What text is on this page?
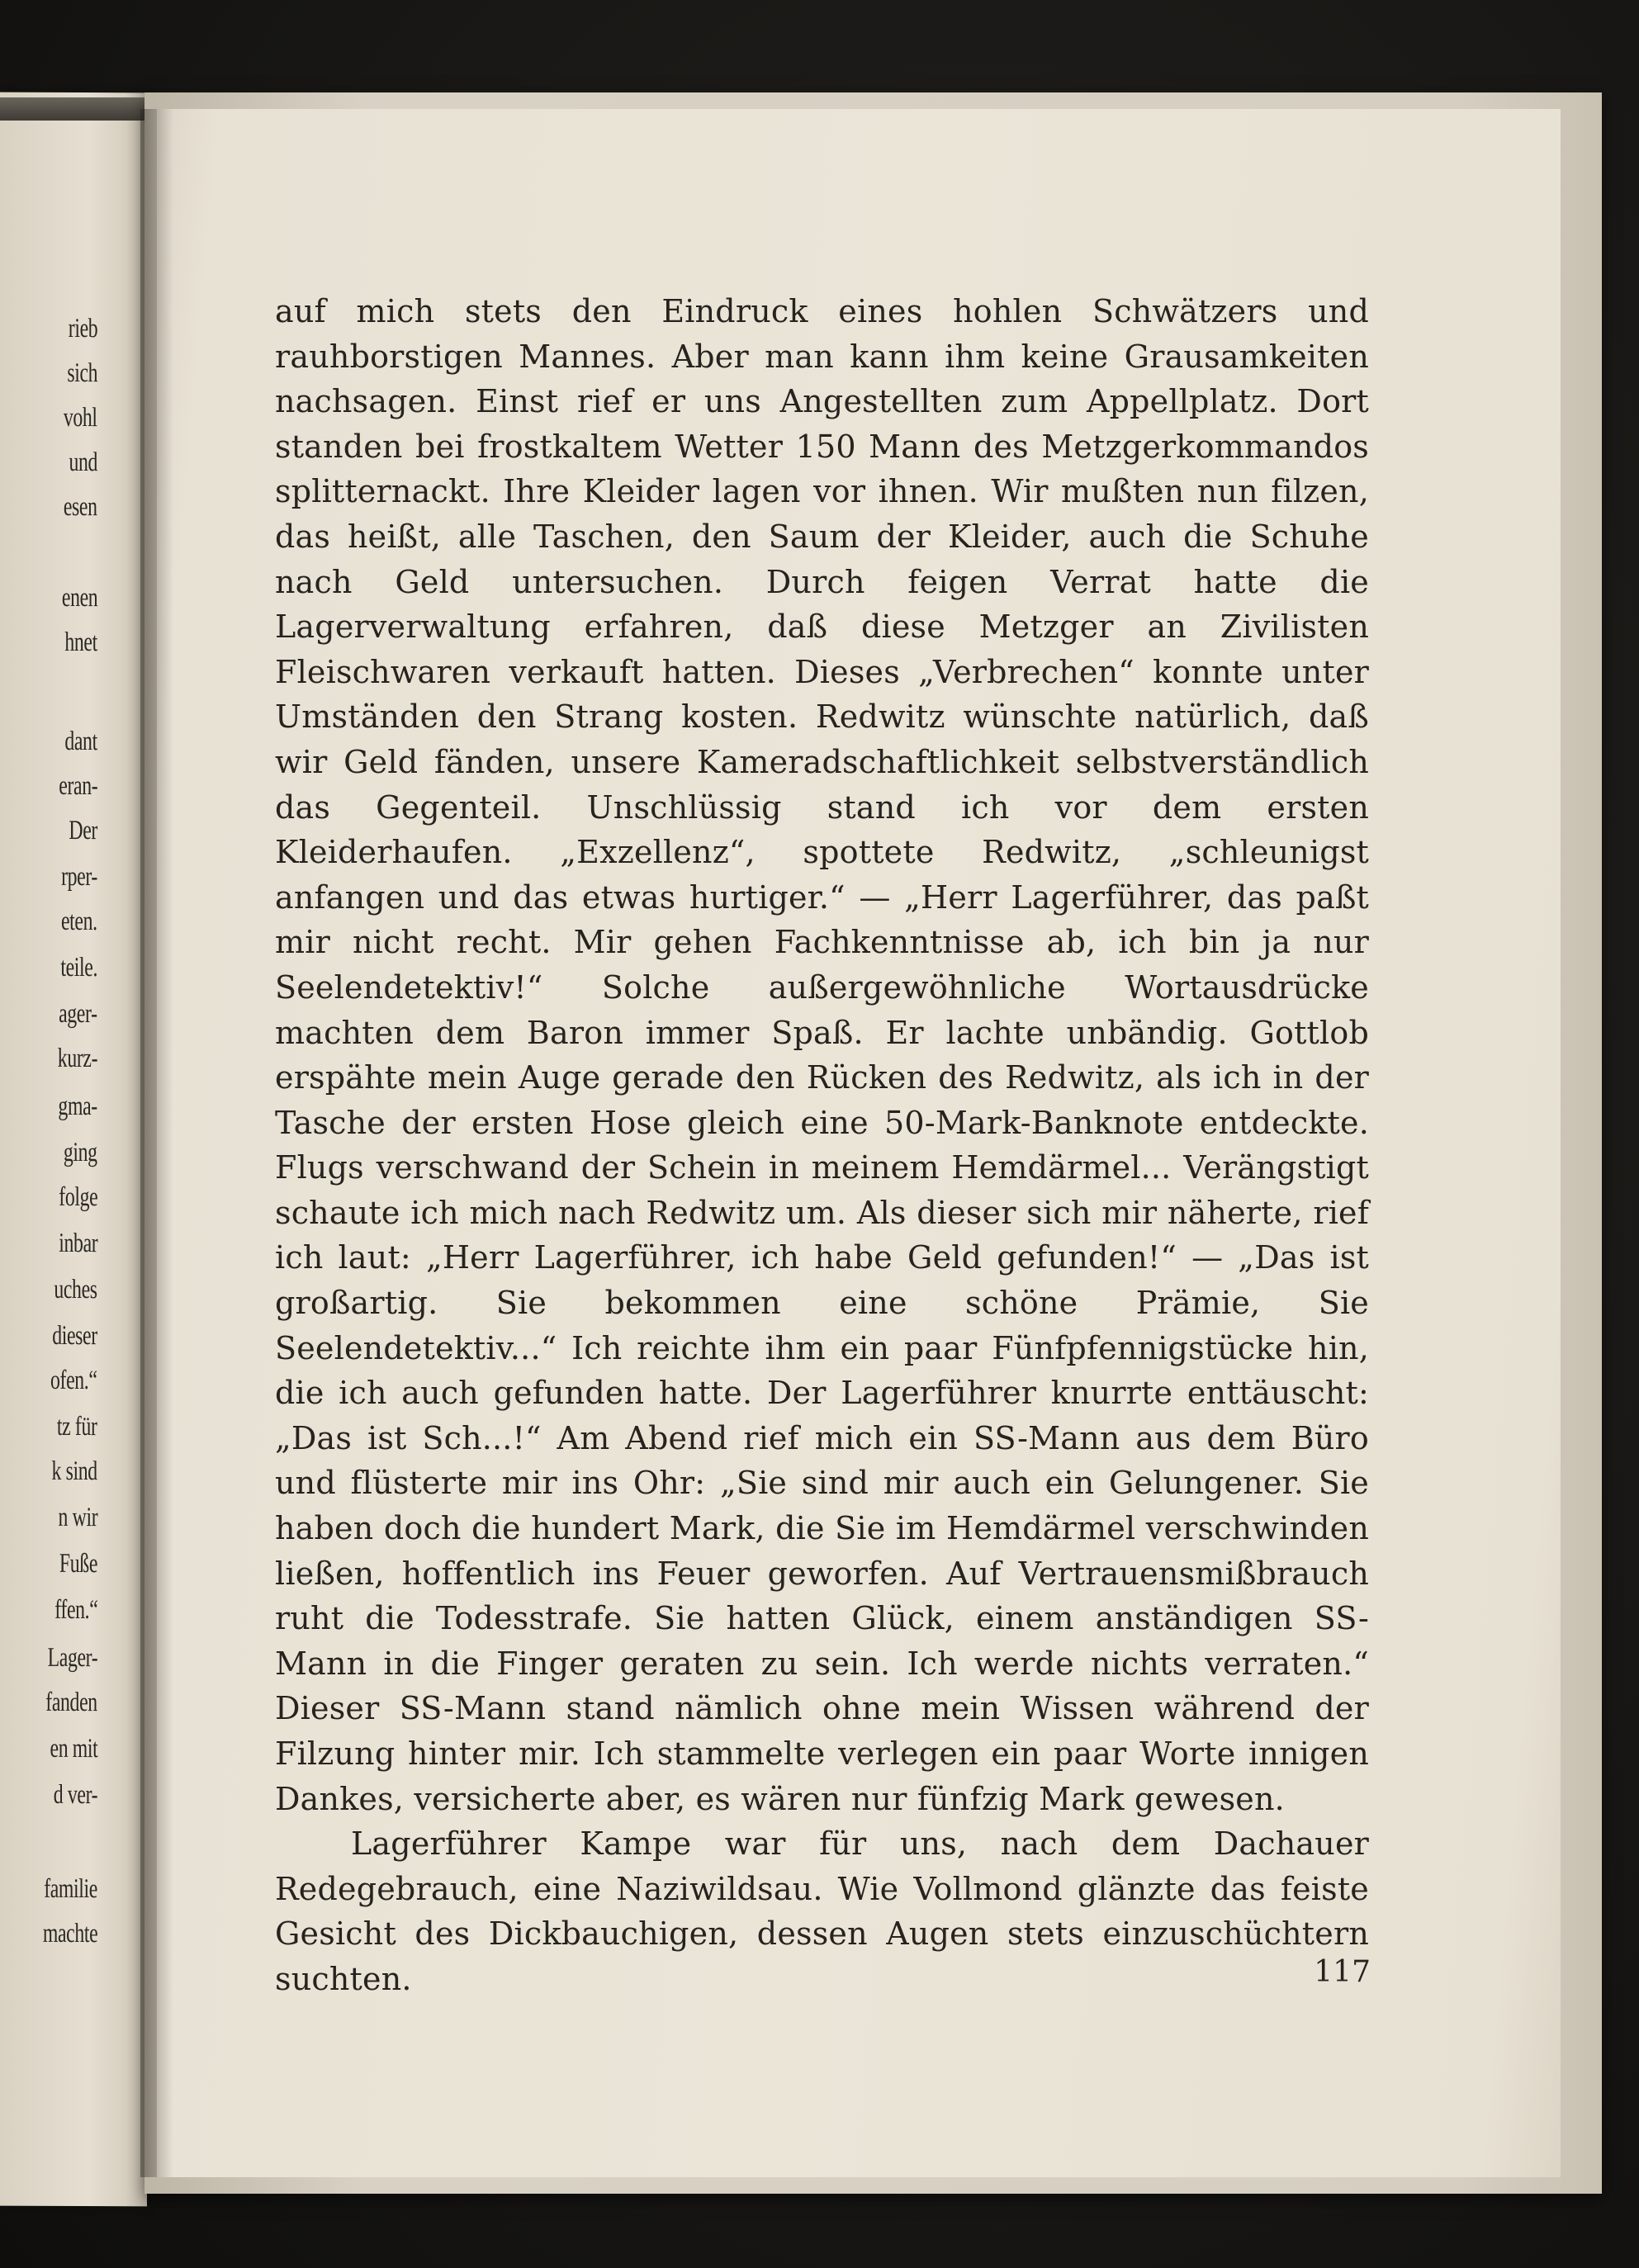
rieb
sich
vohl
und
esen
enen
hnet
dant
eran-
Der
rper-
eten.
teile.
ager-
kurz-
gma-
ging
folge
inbar
uches
dieser
ofen.“
tz für
k sind
n wir
Fuße
ffen.“
Lager-
fanden
en mit
d ver-
familie
machte

auf mich stets den Eindruck eines hohlen Schwätzers und rauhborstigen Mannes. Aber man kann ihm keine Grausamkeiten nachsagen. Einst rief er uns Angestellten zum Appellplatz. Dort standen bei frostkaltem Wetter 150 Mann des Metzgerkommandos splitternackt. Ihre Kleider lagen vor ihnen. Wir mußten nun filzen, das heißt, alle Taschen, den Saum der Kleider, auch die Schuhe nach Geld untersuchen. Durch feigen Verrat hatte die Lagerverwaltung erfahren, daß diese Metzger an Zivilisten Fleischwaren verkauft hatten. Dieses „Verbrechen“ konnte unter Umständen den Strang kosten. Redwitz wünschte natürlich, daß wir Geld fänden, unsere Kameradschaftlichkeit selbstverständlich das Gegenteil. Unschlüssig stand ich vor dem ersten Kleiderhaufen. „Exzellenz“, spottete Redwitz, „schleunigst anfangen und das etwas hurtiger.“ — „Herr Lagerführer, das paßt mir nicht recht. Mir gehen Fachkenntnisse ab, ich bin ja nur Seelendetektiv!“ Solche außergewöhnliche Wortausdrücke machten dem Baron immer Spaß. Er lachte unbändig. Gottlob erspähte mein Auge gerade den Rücken des Redwitz, als ich in der Tasche der ersten Hose gleich eine 50-Mark-Banknote entdeckte. Flugs verschwand der Schein in meinem Hemdärmel... Verängstigt schaute ich mich nach Redwitz um. Als dieser sich mir näherte, rief ich laut: „Herr Lagerführer, ich habe Geld gefunden!“ — „Das ist großartig. Sie bekommen eine schöne Prämie, Sie Seelendetektiv...“ Ich reichte ihm ein paar Fünfpfennigstücke hin, die ich auch gefunden hatte. Der Lagerführer knurrte enttäuscht: „Das ist Sch...!“ Am Abend rief mich ein SS-Mann aus dem Büro und flüsterte mir ins Ohr: „Sie sind mir auch ein Gelungener. Sie haben doch die hundert Mark, die Sie im Hemdärmel verschwinden ließen, hoffentlich ins Feuer geworfen. Auf Vertrauensmißbrauch ruht die Todesstrafe. Sie hatten Glück, einem anständigen SS-Mann in die Finger geraten zu sein. Ich werde nichts verraten.“ Dieser SS-Mann stand nämlich ohne mein Wissen während der Filzung hinter mir. Ich stammelte verlegen ein paar Worte innigen Dankes, versicherte aber, es wären nur fünfzig Mark gewesen.

Lagerführer Kampe war für uns, nach dem Dachauer Redegebrauch, eine Naziwildsau. Wie Vollmond glänzte das feiste Gesicht des Dickbauchigen, dessen Augen stets einzuschüchtern suchten.	117
